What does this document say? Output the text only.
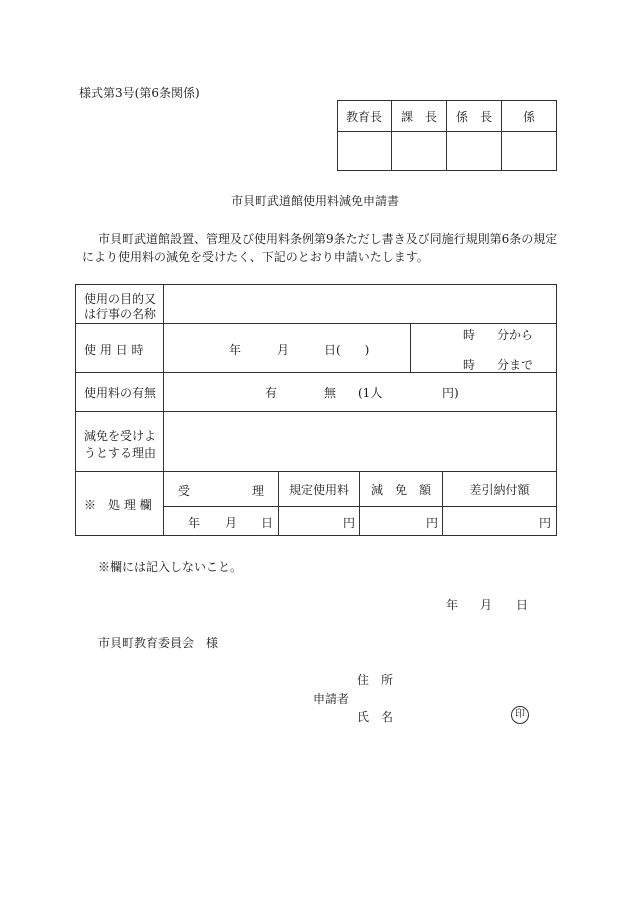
様式第3号(第6条関係)
教育長	課　長	係　長	係
市貝町武道館使用料減免申請書
市貝町武道館設置、管理及び使用料条例第9条ただし書き及び同施行規則第6条の規定
により使用料の減免を受けたく、下記のとおり申請いたします。
使用の目的又
は行事の名称
使 用 日 時	年	月	日(　　)
時 分から
時 分まで
使用料の有無	有	無 (1人	円)
減免を受けよ
うとする理由
※　処 理 欄
受	理	規定使用料	減　免　額	差引納付額
年 月 日	円	円	円
※欄には記入しないこと。
年 月 日
市貝町教育委員会　様
住　所
申請者
氏　名	印
